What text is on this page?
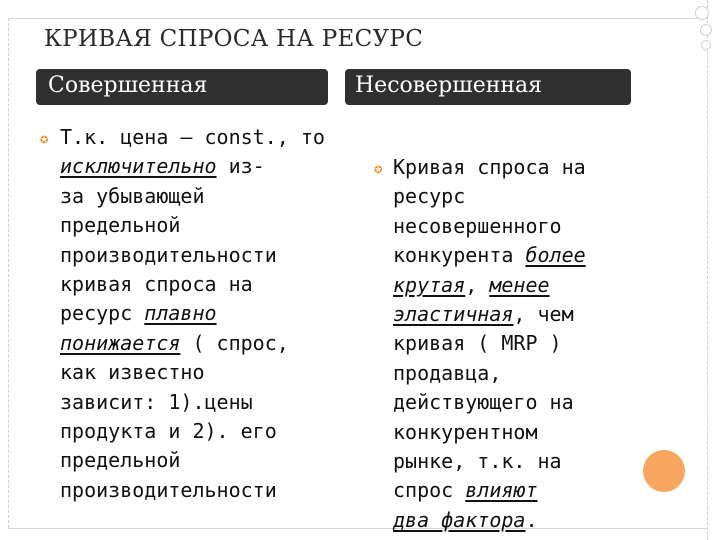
КРИВАЯ СПРОСА НА РЕСУРС
Совершенная	Несовершенная
✪ Т.к. цена – const., то
исключительно из-
за убывающей
предельной
производительности
кривая спроса на
ресурс плавно
понижается ( спрос,
как известно
зависит: 1).цены
продукта и 2). его
предельной
производительности
✪ Кривая спроса на
ресурс
несовершенного
конкурента более
крутая, менее
эластичная, чем
кривая ( MRP )
продавца,
действующего на
конкурентном
рынке, т.к. на
спрос влияют
два фактора.
